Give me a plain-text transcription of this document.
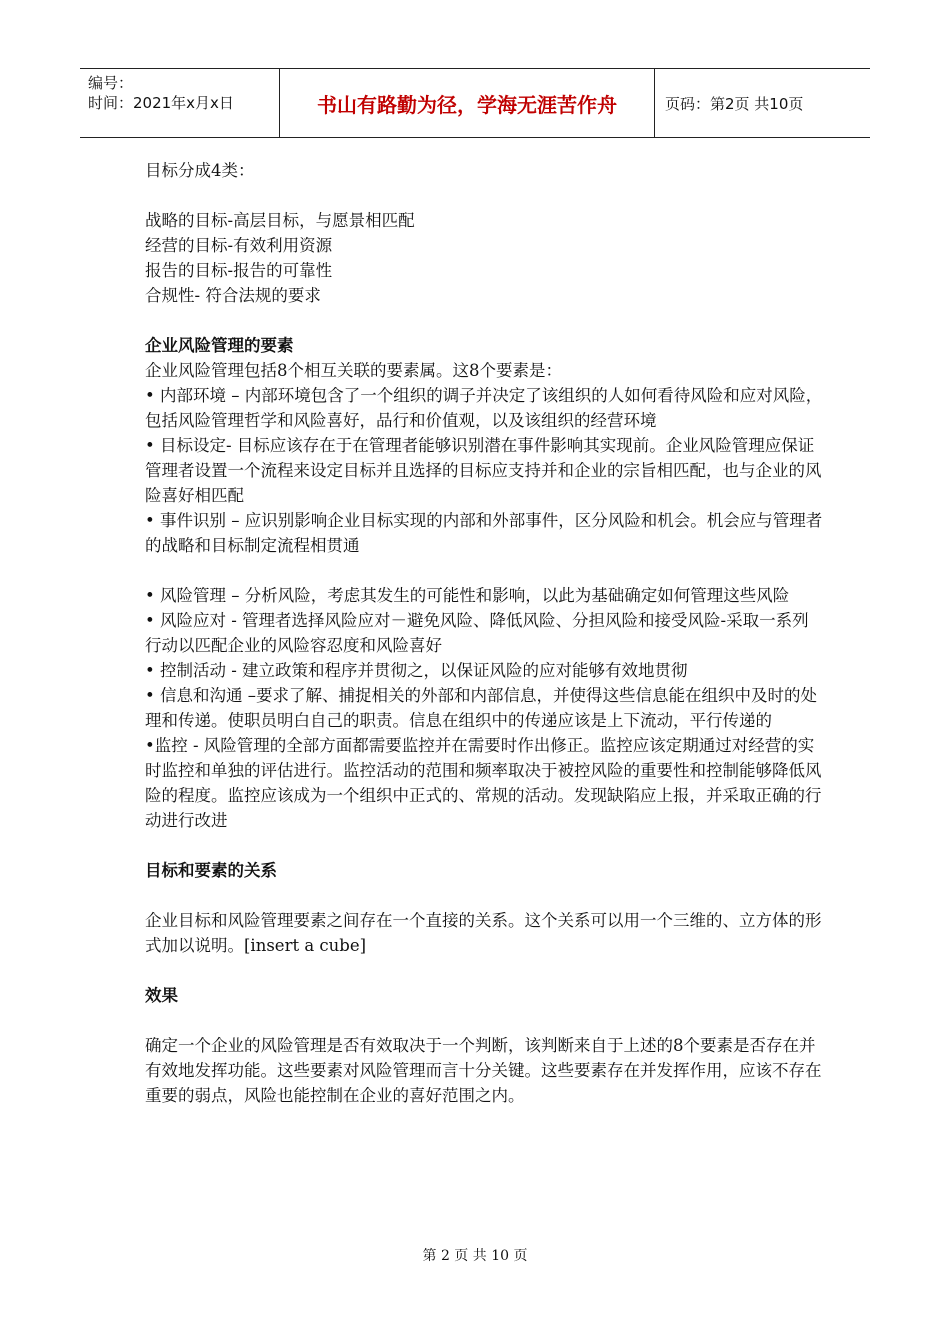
编号：
时间：2021年x月x日	书山有路勤为径，学海无涯苦作舟	页码：第2页 共10页

目标分成4类：

战略的目标-高层目标，与愿景相匹配

经营的目标-有效利用资源

报告的目标-报告的可靠性

合规性- 符合法规的要求

企业风险管理的要素

企业风险管理包括8个相互关联的要素属。这8个要素是：

• 内部环境 – 内部环境包含了一个组织的调子并决定了该组织的人如何看待风险和应对风险，包括风险管理哲学和风险喜好，品行和价值观，以及该组织的经营环境

• 目标设定- 目标应该存在于在管理者能够识别潜在事件影响其实现前。企业风险管理应保证管理者设置一个流程来设定目标并且选择的目标应支持并和企业的宗旨相匹配，也与企业的风险喜好相匹配

• 事件识别 – 应识别影响企业目标实现的内部和外部事件，区分风险和机会。机会应与管理者的战略和目标制定流程相贯通

• 风险管理 – 分析风险，考虑其发生的可能性和影响，以此为基础确定如何管理这些风险

• 风险应对 - 管理者选择风险应对－避免风险、降低风险、分担风险和接受风险-采取一系列行动以匹配企业的风险容忍度和风险喜好

• 控制活动 - 建立政策和程序并贯彻之，以保证风险的应对能够有效地贯彻

• 信息和沟通 –要求了解、捕捉相关的外部和内部信息，并使得这些信息能在组织中及时的处理和传递。使职员明白自己的职责。信息在组织中的传递应该是上下流动，平行传递的

•监控 - 风险管理的全部方面都需要监控并在需要时作出修正。监控应该定期通过对经营的实时监控和单独的评估进行。监控活动的范围和频率取决于被控风险的重要性和控制能够降低风险的程度。监控应该成为一个组织中正式的、常规的活动。发现缺陷应上报，并采取正确的行动进行改进

目标和要素的关系

企业目标和风险管理要素之间存在一个直接的关系。这个关系可以用一个三维的、立方体的形式加以说明。[insert a cube]

效果

确定一个企业的风险管理是否有效取决于一个判断，该判断来自于上述的8个要素是否存在并有效地发挥功能。这些要素对风险管理而言十分关键。这些要素存在并发挥作用，应该不存在重要的弱点，风险也能控制在企业的喜好范围之内。

第 2 页 共 10 页
